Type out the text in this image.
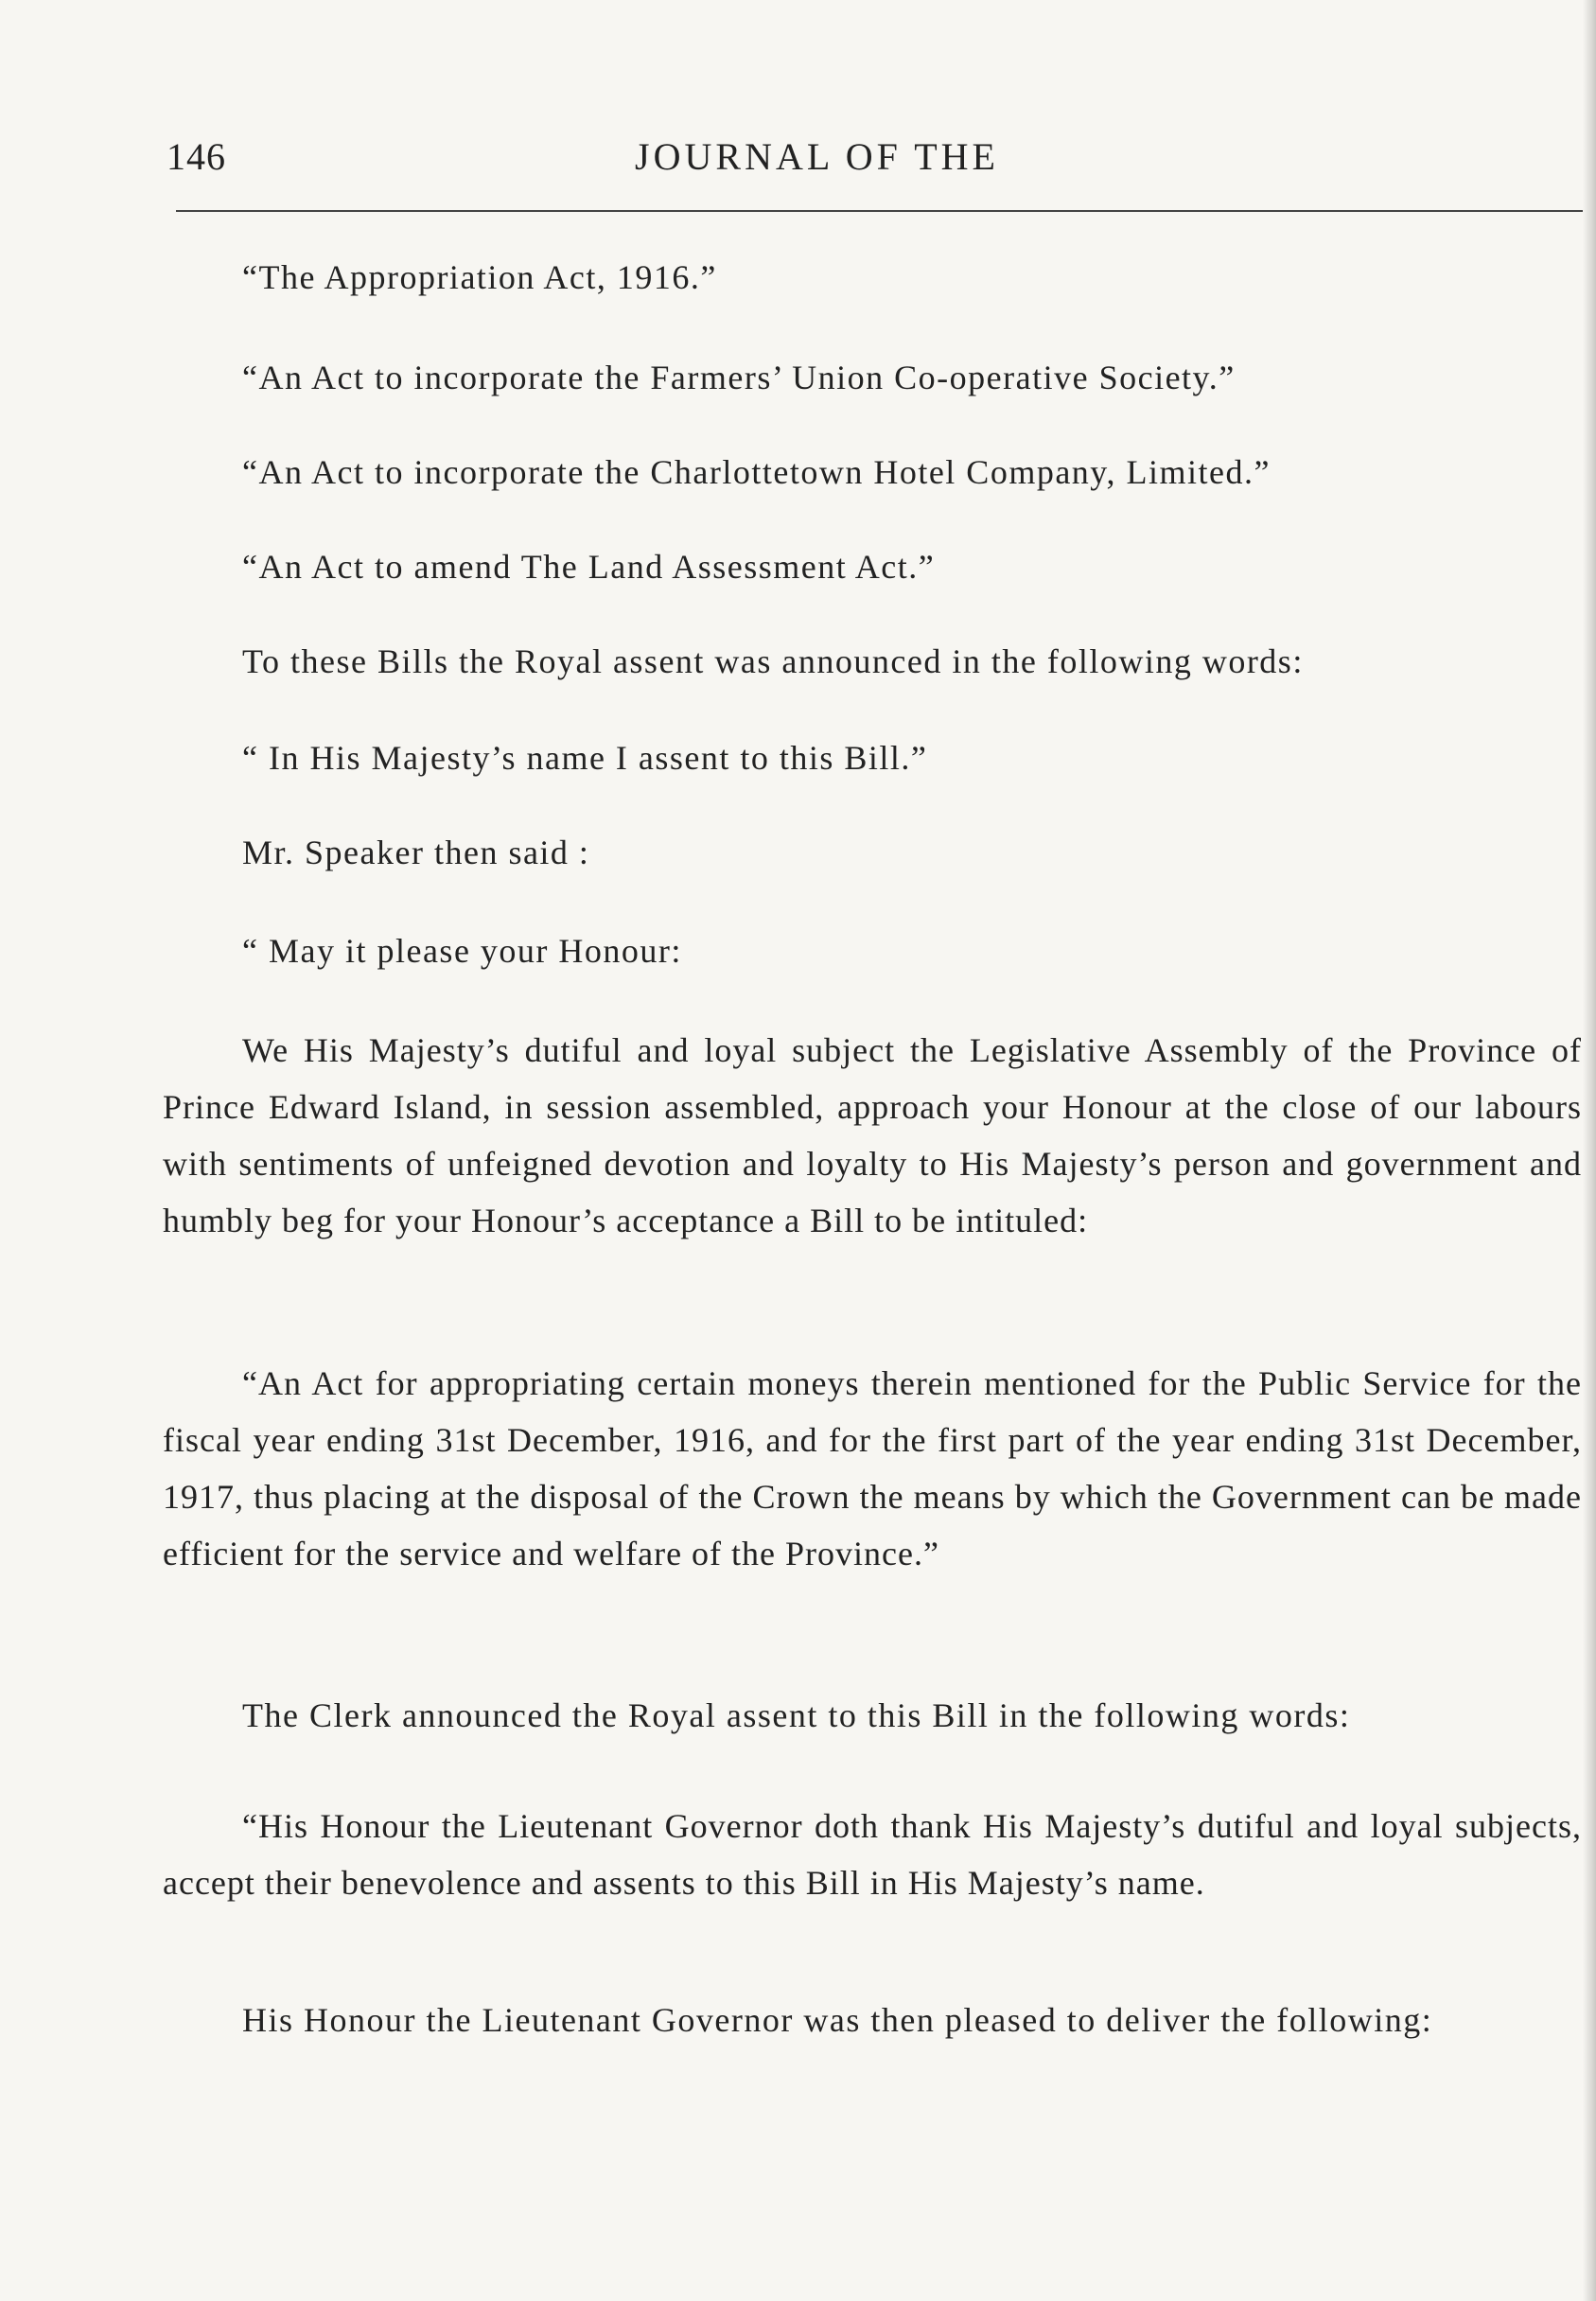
146	JOURNAL OF THE
“The Appropriation Act, 1916.”
“An Act to incorporate the Farmers’ Union Co-operative Society.”
“An Act to incorporate the Charlottetown Hotel Company, Limited.”
“An Act to amend The Land Assessment Act.”
To these Bills the Royal assent was announced in the following words:
“ In His Majesty’s name I assent to this Bill.”
Mr. Speaker then said :
“ May it please your Honour:

We His Majesty’s dutiful and loyal subject the Legislative Assembly of the Province of Prince Edward Island, in session assembled, approach your Honour at the close of our labours with sentiments of unfeigned devotion and loyalty to His Majesty’s person and government and humbly beg for your Honour’s acceptance a Bill to be intituled:

“An Act for appropriating certain moneys therein mentioned for the Public Service for the fiscal year ending 31st December, 1916, and for the first part of the year ending 31st December, 1917, thus placing at the disposal of the Crown the means by which the Government can be made efficient for the service and welfare of the Province.”

The Clerk announced the Royal assent to this Bill in the following words:

“His Honour the Lieutenant Governor doth thank His Majesty’s dutiful and loyal subjects, accept their benevolence and assents to this Bill in His Majesty’s name.

His Honour the Lieutenant Governor was then pleased to deliver the following:
